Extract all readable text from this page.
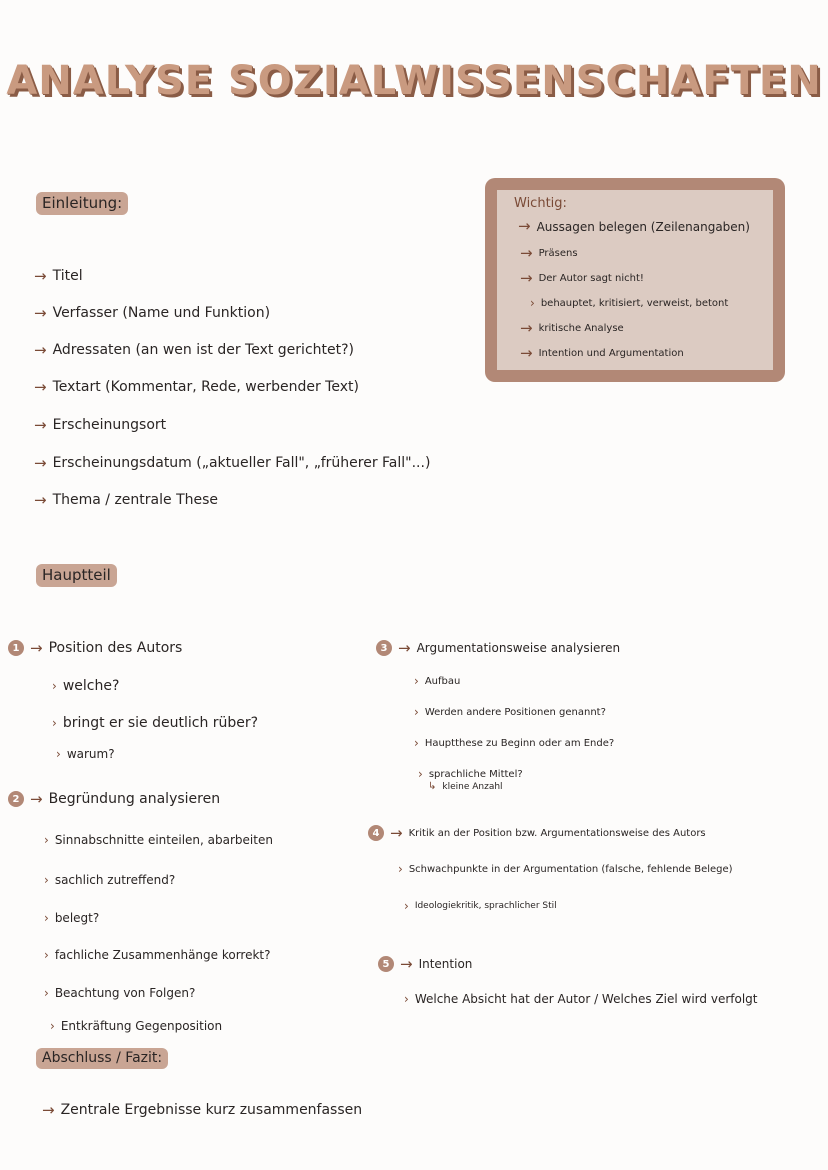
ANALYSE SOZIALWISSENSCHAFTEN
Einleitung:
→ Titel
→ Verfasser (Name und Funktion)
→ Adressaten (an wen ist der Text gerichtet?)
→ Textart (Kommentar, Rede, werbender Text)
→ Erscheinungsort
→ Erscheinungsdatum („aktueller Fall", „früherer Fall"...)
→ Thema / zentrale These
Wichtig:
→ Aussagen belegen (Zeilenangaben)
→ Präsens
→ Der Autor sagt nicht!
› behauptet, kritisiert, verweist, betont
→ kritische Analyse
→ Intention und Argumentation
Hauptteil
1 → Position des Autors
› welche?
› bringt er sie deutlich rüber?
› warum?
2 → Begründung analysieren
› Sinnabschnitte einteilen, abarbeiten
› sachlich zutreffend?
› belegt?
› fachliche Zusammenhänge korrekt?
› Beachtung von Folgen?
› Entkräftung Gegenposition
3 → Argumentationsweise analysieren
› Aufbau
› Werden andere Positionen genannt?
› Hauptthese zu Beginn oder am Ende?
› sprachliche Mittel?
↳ kleine Anzahl
4 → Kritik an der Position bzw. Argumentationsweise des Autors
› Schwachpunkte in der Argumentation (falsche, fehlende Belege)
› Ideologiekritik, sprachlicher Stil
5 → Intention
› Welche Absicht hat der Autor / Welches Ziel wird verfolgt
Abschluss / Fazit:
→ Zentrale Ergebnisse kurz zusammenfassen
